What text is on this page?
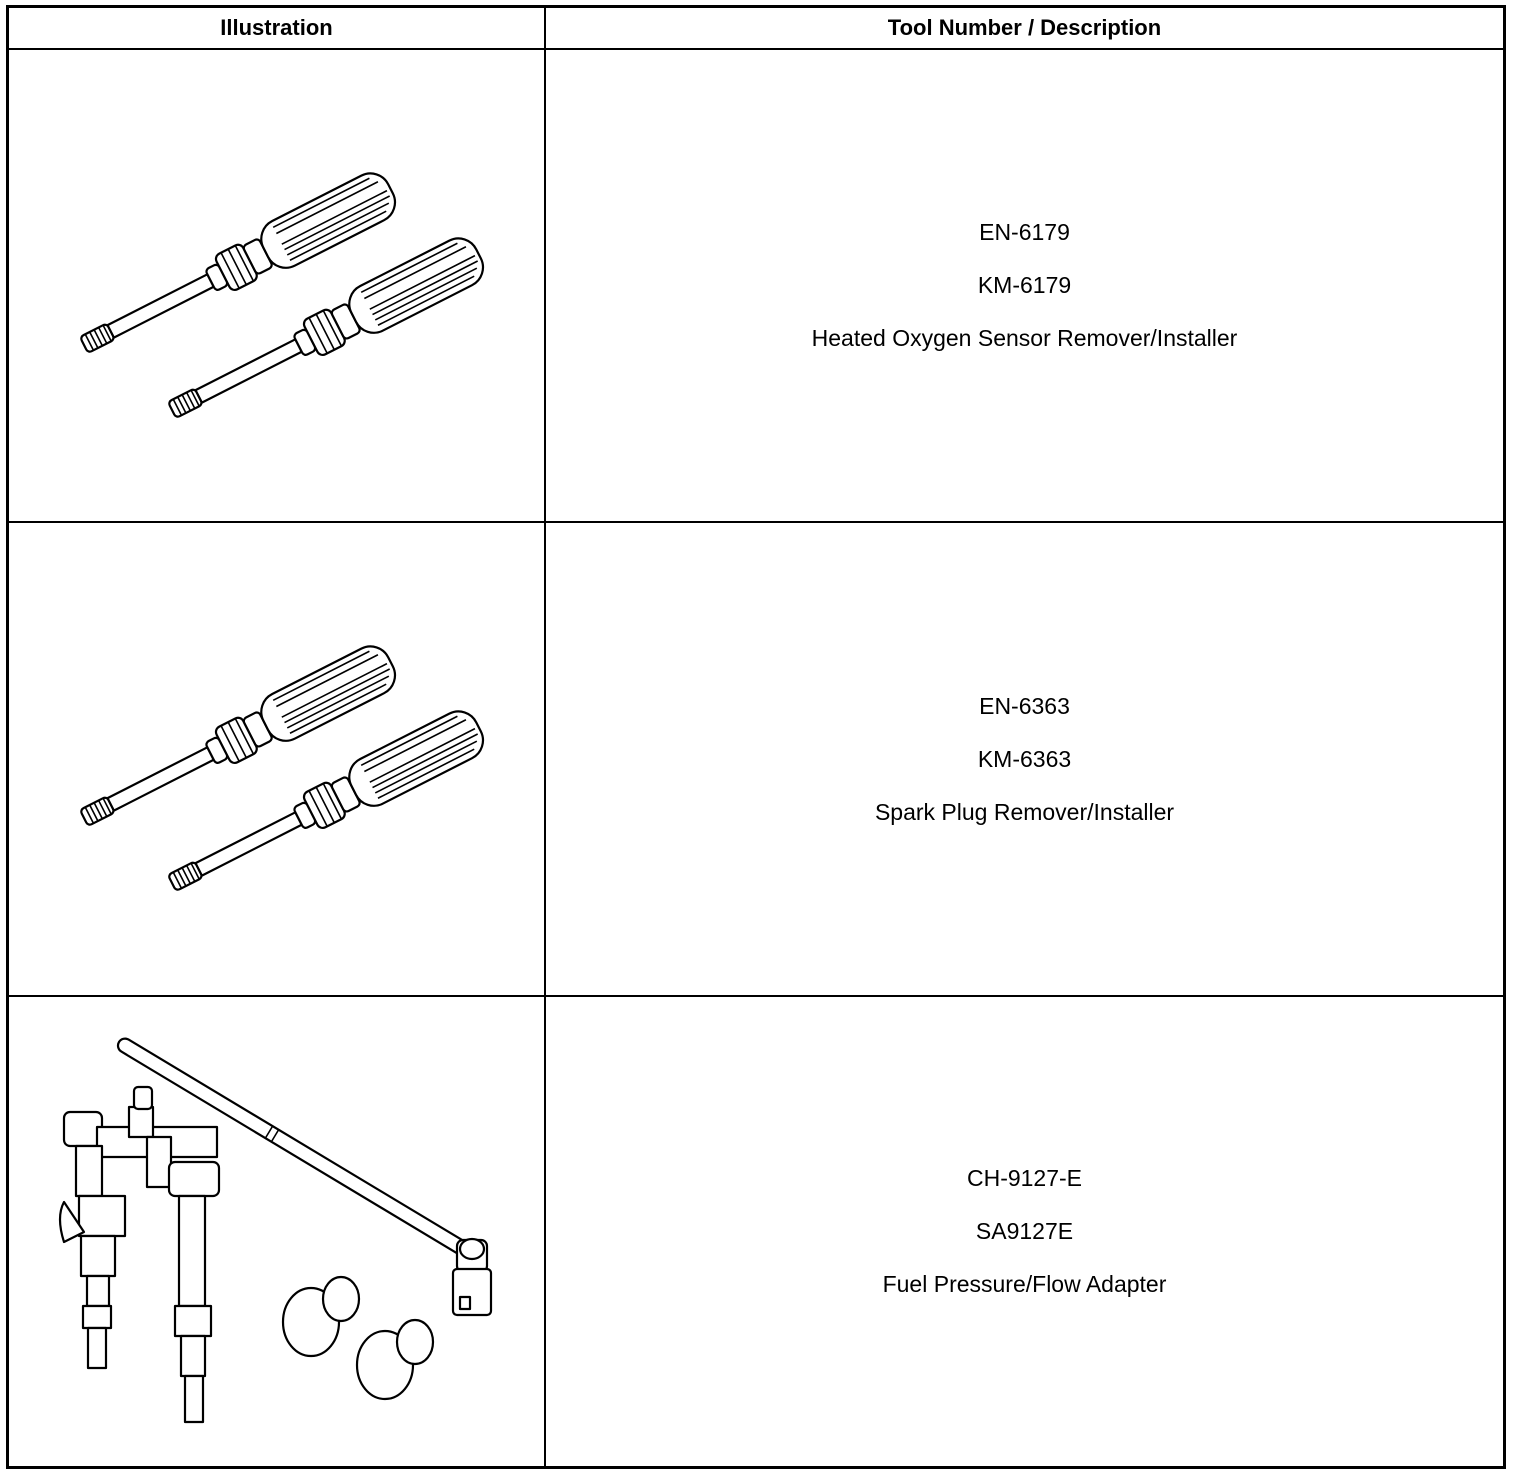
Illustration	Tool Number / Description
EN-6179
KM-6179
Heated Oxygen Sensor Remover/Installer
EN-6363
KM-6363
Spark Plug Remover/Installer
CH-9127-E
SA9127E
Fuel Pressure/Flow Adapter
